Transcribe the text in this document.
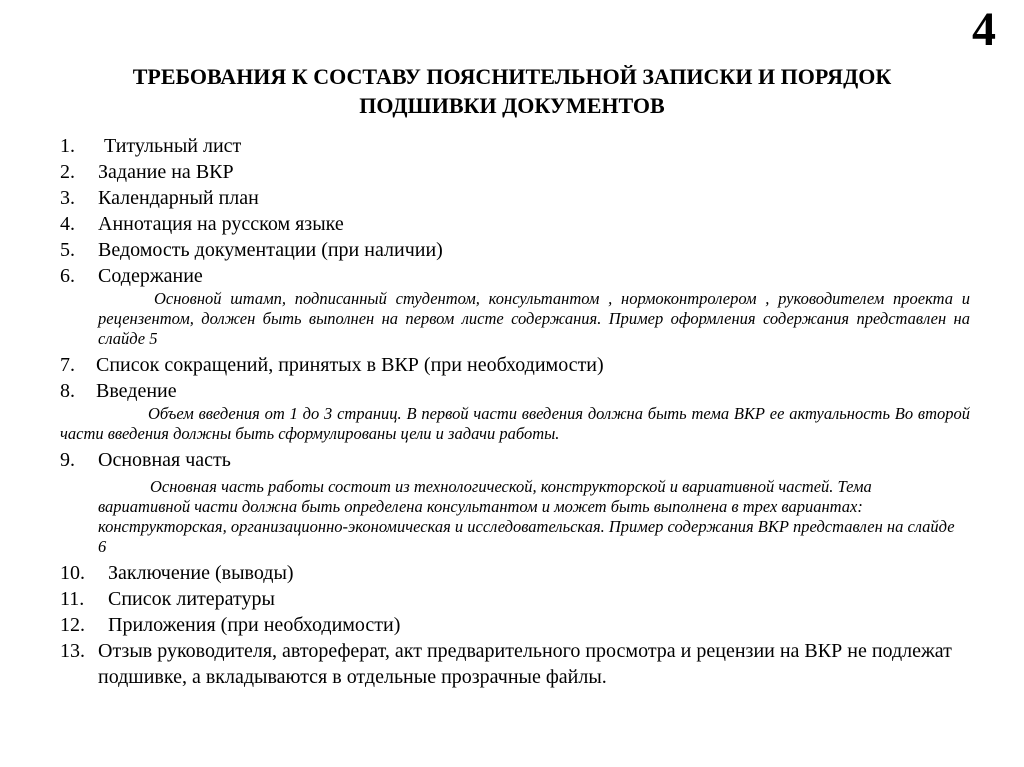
4
ТРЕБОВАНИЯ К СОСТАВУ ПОЯСНИТЕЛЬНОЙ ЗАПИСКИ И ПОРЯДОК
ПОДШИВКИ ДОКУМЕНТОВ
1.	Титульный лист
2.	Задание на ВКР
3.	Календарный план
4.	Аннотация на русском языке
5.	Ведомость документации (при наличии)
6.	Содержание
Основной штамп, подписанный студентом, консультантом , нормоконтролером , руководителем проекта и рецензентом, должен быть выполнен на первом листе содержания. Пример оформления содержания представлен на слайде 5
7.	Список сокращений, принятых в ВКР (при необходимости)
8.	Введение
Объем введения от 1 до 3 страниц. В первой части введения должна быть тема ВКР ее актуальность Во второй части введения должны быть сформулированы цели и задачи работы.
9.	Основная часть
Основная часть работы состоит из технологической, конструкторской и вариативной частей. Тема вариативной части должна быть определена консультантом и может быть выполнена в трех вариантах: конструкторская, организационно-экономическая и исследовательская. Пример содержания ВКР представлен на слайде 6
10.	Заключение (выводы)
11.	Список литературы
12.	Приложения (при необходимости)
13. Отзыв руководителя, автореферат, акт предварительного просмотра и рецензии на ВКР не подлежат подшивке, а вкладываются в отдельные прозрачные файлы.
